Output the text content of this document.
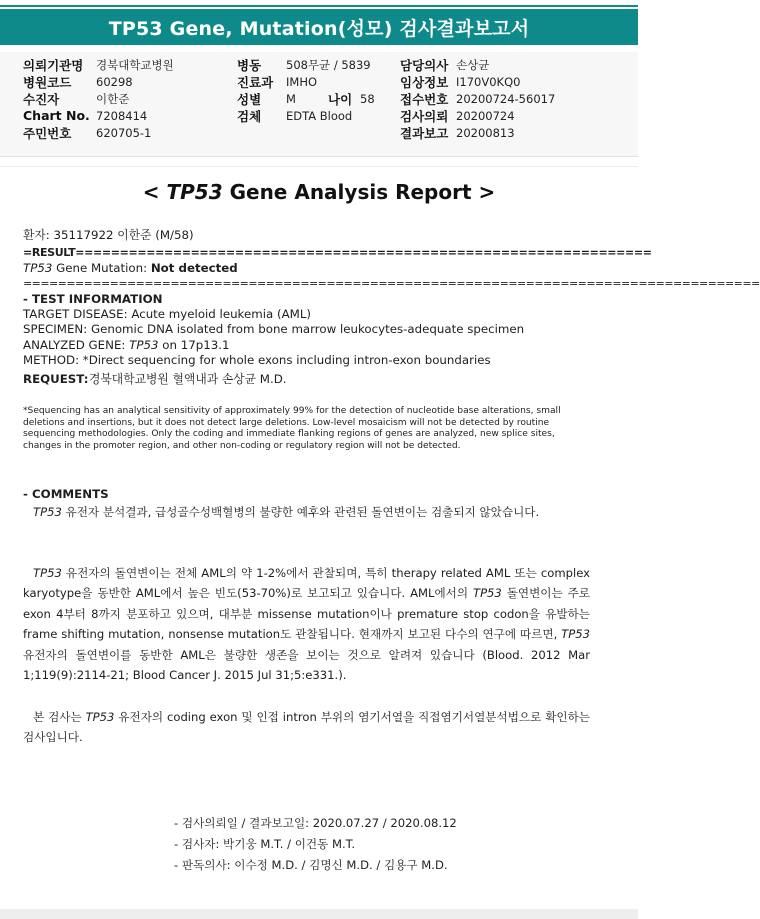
TP53 Gene, Mutation(성모) 검사결과보고서
의뢰기관명	경북대학교병원
병원코드	60298
수진자	이한준
Chart No. 7208414
주민번호	620705-1
병동	508무균 / 5839
진료과	IMHO
성별	M	나이 58
검체	EDTA Blood
담당의사 손상균
임상정보 I170V0KQ0
접수번호 20200724-56017
검사의뢰 20200724
결과보고 20200813
< TP53 Gene Analysis Report >
환자: 35117922 이한준 (M/58)
=RESULT=================================================================
TP53 Gene Mutation: Not detected
=====================================================================================
- TEST INFORMATION
TARGET DISEASE: Acute myeloid leukemia (AML)
SPECIMEN: Genomic DNA isolated from bone marrow leukocytes-adequate specimen
ANALYZED GENE: TP53 on 17p13.1
METHOD: *Direct sequencing for whole exons including intron-exon boundaries
REQUEST:경북대학교병원 혈액내과 손상균 M.D.
*Sequencing has an analytical sensitivity of approximately 99% for the detection of nucleotide base alterations, small
deletions and insertions, but it does not detect large deletions. Low-level mosaicism will not be detected by routine
sequencing methodologies. Only the coding and immediate flanking regions of genes are analyzed, new splice sites,
changes in the promoter region, and other non-coding or regulatory region will not be detected.
- COMMENTS
TP53 유전자 분석결과, 급성골수성백혈병의 불량한 예후와 관련된 돌연변이는 검출되지 않았습니다.
TP53 유전자의 돌연변이는 전체 AML의 약 1-2%에서 관찰되며, 특히 therapy related AML 또는 complex karyotype을 동반한 AML에서 높은 빈도(53-70%)로 보고되고 있습니다. AML에서의 TP53 돌연변이는 주로 exon 4부터 8까지 분포하고 있으며, 대부분 missense mutation이나 premature stop codon을 유발하는 frame shifting mutation, nonsense mutation도 관찰됩니다. 현재까지 보고된 다수의 연구에 따르면, TP53 유전자의 돌연변이를 동반한 AML은 불량한 생존을 보이는 것으로 알려져 있습니다 (Blood. 2012 Mar 1;119(9):2114-21; Blood Cancer J. 2015 Jul 31;5:e331.).
본 검사는 TP53 유전자의 coding exon 및 인접 intron 부위의 염기서열을 직접염기서열분석법으로 확인하는 검사입니다.
- 검사의뢰일 / 결과보고일: 2020.07.27 / 2020.08.12
- 검사자: 박기웅 M.T. / 이건동 M.T.
- 판독의사: 이수정 M.D. / 김명신 M.D. / 김용구 M.D.
